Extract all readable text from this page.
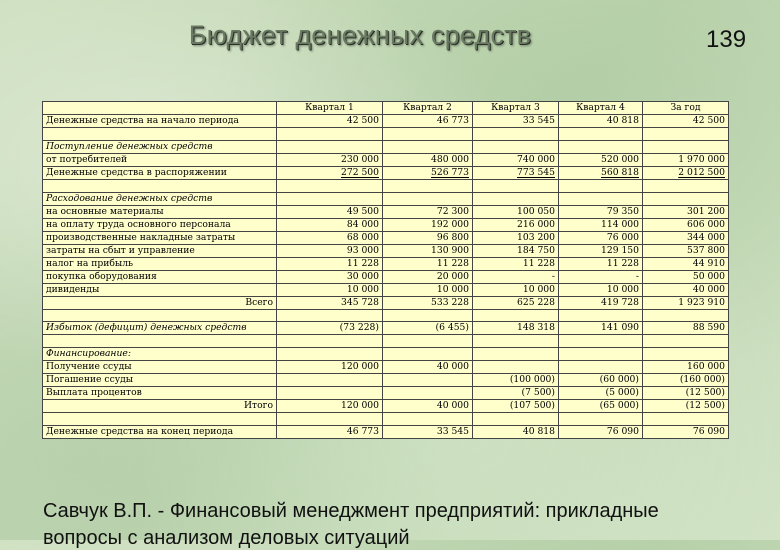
Бюджет денежных средств	139
	Квартал 1	Квартал 2	Квартал 3	Квартал 4	За год
Денежные средства на начало периода	42 500	46 773	33 545	40 818	42 500

Поступление денежных средств					
от потребителей	230 000	480 000	740 000	520 000	1 970 000
Денежные средства в распоряжении	272 500	526 773	773 545	560 818	2 012 500

Расходование денежных средств					
на основные материалы	49 500	72 300	100 050	79 350	301 200
на оплату труда основного персонала	84 000	192 000	216 000	114 000	606 000
производственные накладные затраты	68 000	96 800	103 200	76 000	344 000
затраты на сбыт и управление	93 000	130 900	184 750	129 150	537 800
налог на прибыль	11 228	11 228	11 228	11 228	44 910
покупка оборудования	30 000	20 000	-	-	50 000
дивиденды	10 000	10 000	10 000	10 000	40 000
Всего	345 728	533 228	625 228	419 728	1 923 910

Избыток (дефицит) денежных средств	(73 228)	(6 455)	148 318	141 090	88 590

Финансирование:					
Получение ссуды	120 000	40 000			160 000
Погашение ссуды			(100 000)	(60 000)	(160 000)
Выплата процентов			(7 500)	(5 000)	(12 500)
Итого	120 000	40 000	(107 500)	(65 000)	(12 500)

Денежные средства на конец периода	46 773	33 545	40 818	76 090	76 090
Савчук В.П. - Финансовый менеджмент предприятий: прикладные
вопросы с анализом деловых ситуаций
